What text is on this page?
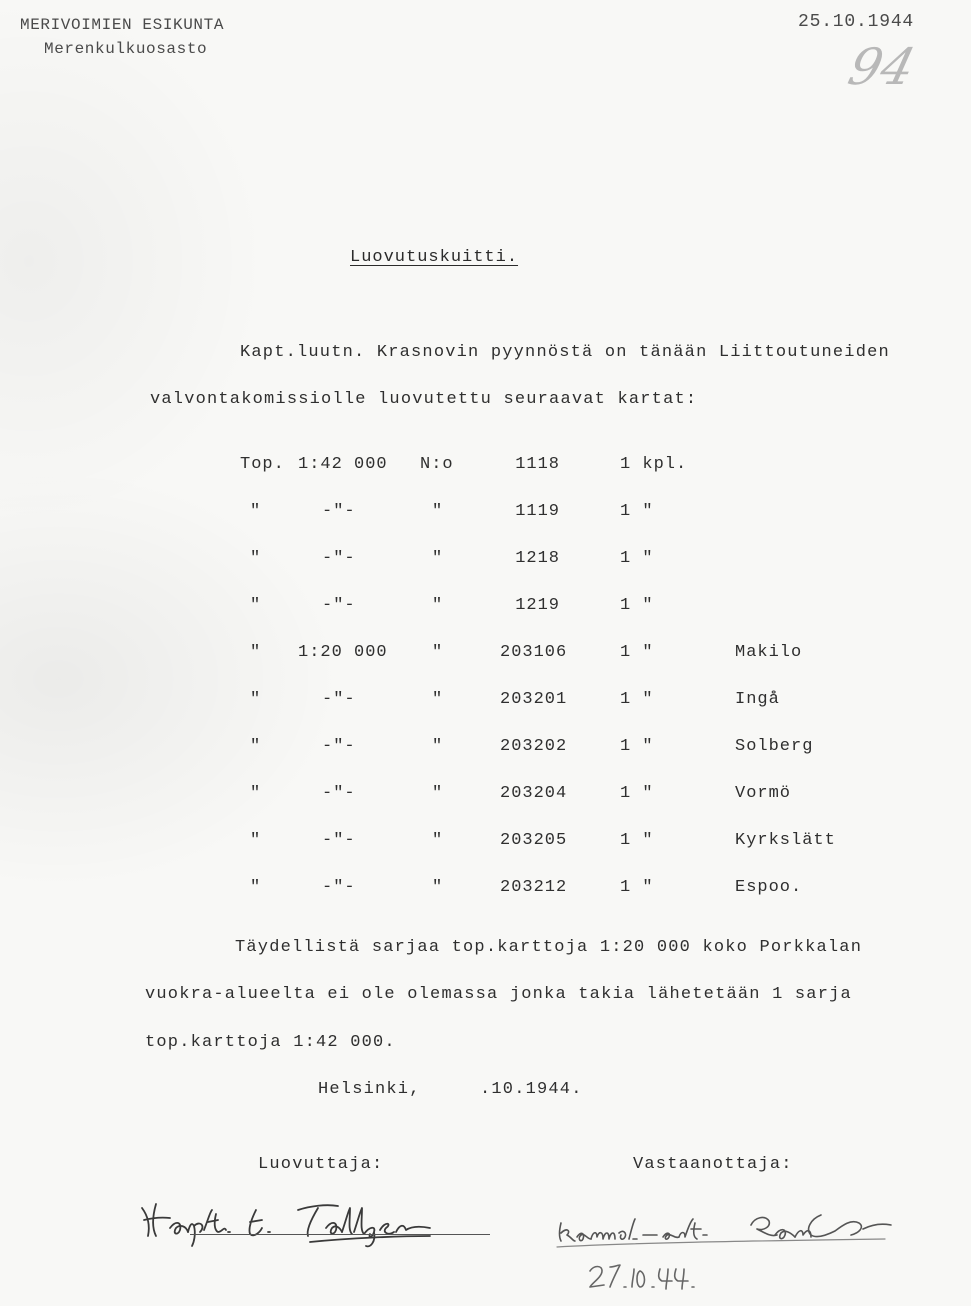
MERIVOIMIEN ESIKUNTA
Merenkulkuosasto
25.10.1944
94
Luovutuskuitti.
Kapt.luutn. Krasnovin pyynnöstä on tänään Liittoutuneiden
valvontakomissiolle luovutettu seuraavat kartat:
Top. 1:42 000 N:o	1118	1 kpl.
"	-"-	"	1119	1 "
"	-"-	"	1218	1 "
"	-"-	"	1219	1 "
" 1:20 000	"	203106	1 "	Makilo
"	-"-	"	203201	1 "	Ingå
"	-"-	"	203202	1 "	Solberg
"	-"-	"	203204	1 "	Vormö
"	-"-	"	203205	1 "	Kyrkslätt
"	-"-	"	203212	1 "	Espoo.
Täydellistä sarjaa top.karttoja 1:20 000 koko Porkkalan
vuokra-alueelta ei ole olemassa jonka takia lähetetään 1 sarja
top.karttoja 1:42 000.
Helsinki,	.10.1944.
Luovuttaja:	Vastaanottaja:
